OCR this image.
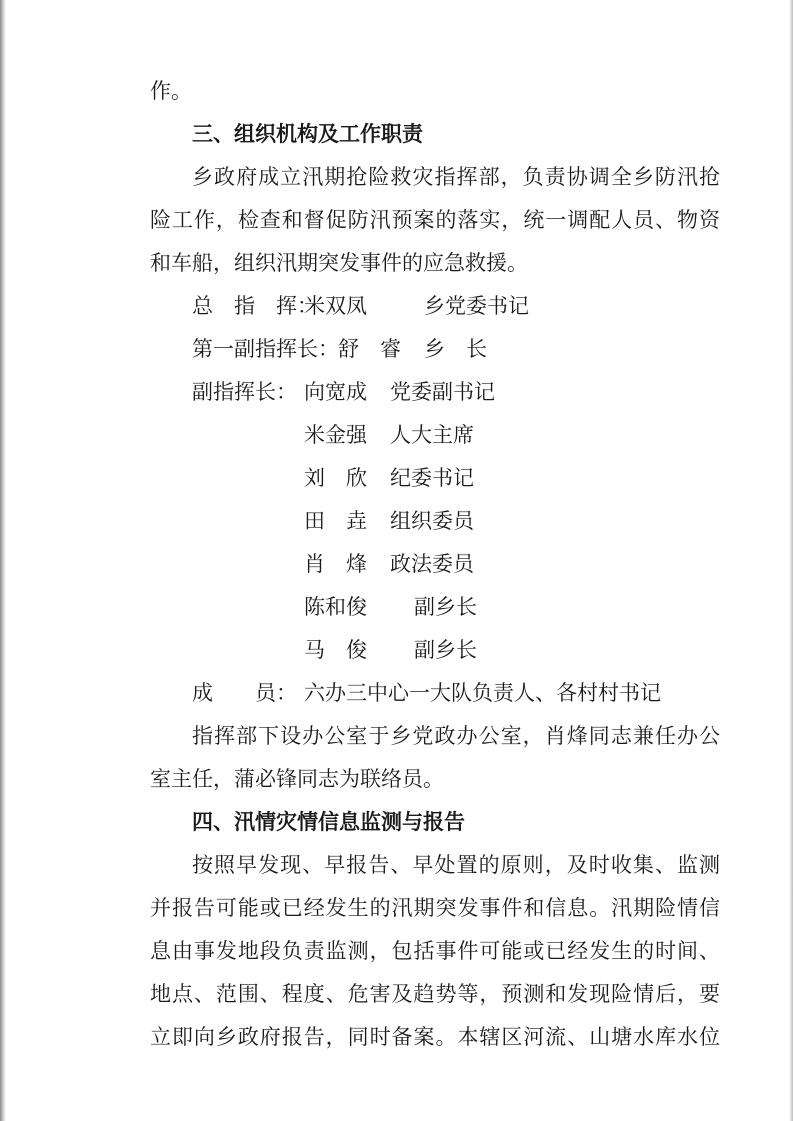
作。
三、组织机构及工作职责
乡政府成立汛期抢险救灾指挥部，负责协调全乡防汛抢
险工作，检查和督促防汛预案的落实，统一调配人员、物资
和车船，组织汛期突发事件的应急救援。
总　指　挥：
米双凤	乡党委书记
第一副指挥长： 舒　睿 乡　长
副指挥长： 向宽成 党委副书记
米金强 人大主席
刘　欣 纪委书记
田　垚 组织委员
肖　烽 政法委员
陈和俊 副乡长
马　俊 副乡长
成　　员： 六办三中心一大队负责人、各村村书记
指挥部下设办公室于乡党政办公室，肖烽同志兼任办公
室主任，蒲必锋同志为联络员。
四、汛情灾情信息监测与报告
按照早发现、早报告、早处置的原则，及时收集、监测
并报告可能或已经发生的汛期突发事件和信息。汛期险情信
息由事发地段负责监测，包括事件可能或已经发生的时间、
地点、范围、程度、危害及趋势等，预测和发现险情后，要
立即向乡政府报告，同时备案。本辖区河流、山塘水库水位
